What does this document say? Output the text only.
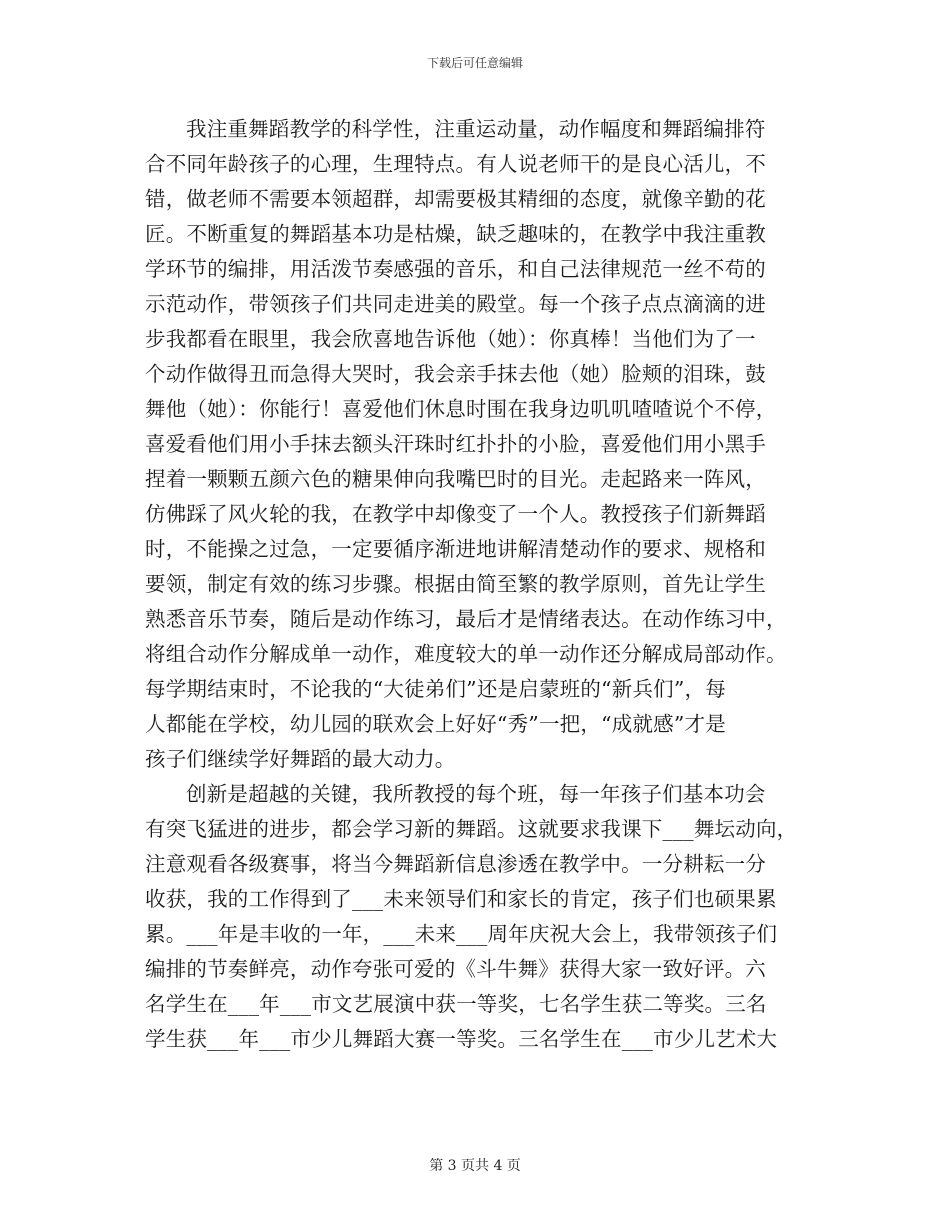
下载后可任意编辑
我注重舞蹈教学的科学性，注重运动量，动作幅度和舞蹈编排符
合不同年龄孩子的心理，生理特点。有人说老师干的是良心活儿，不
错，做老师不需要本领超群，却需要极其精细的态度，就像辛勤的花
匠。不断重复的舞蹈基本功是枯燥，缺乏趣味的，在教学中我注重教
学环节的编排，用活泼节奏感强的音乐，和自己法律规范一丝不苟的
示范动作，带领孩子们共同走进美的殿堂。每一个孩子点点滴滴的进
步我都看在眼里，我会欣喜地告诉他（她）：你真棒！当他们为了一
个动作做得丑而急得大哭时，我会亲手抹去他（她）脸颊的泪珠，鼓
舞他（她）：你能行！喜爱他们休息时围在我身边叽叽喳喳说个不停，
喜爱看他们用小手抹去额头汗珠时红扑扑的小脸，喜爱他们用小黑手
捏着一颗颗五颜六色的糖果伸向我嘴巴时的目光。走起路来一阵风，
仿佛踩了风火轮的我，在教学中却像变了一个人。教授孩子们新舞蹈
时，不能操之过急，一定要循序渐进地讲解清楚动作的要求、规格和
要领，制定有效的练习步骤。根据由简至繁的教学原则，首先让学生
熟悉音乐节奏，随后是动作练习，最后才是情绪表达。在动作练习中，
将组合动作分解成单一动作，难度较大的单一动作还分解成局部动作。
每学期结束时，不论我的“大徒弟们”还是启蒙班的“新兵们”，每
人都能在学校，幼儿园的联欢会上好好“秀”一把，“成就感”才是
孩子们继续学好舞蹈的最大动力。
创新是超越的关键，我所教授的每个班，每一年孩子们基本功会
有突飞猛进的进步，都会学习新的舞蹈。这就要求我课下___舞坛动向，
注意观看各级赛事，将当今舞蹈新信息渗透在教学中。一分耕耘一分
收获，我的工作得到了___未来领导们和家长的肯定，孩子们也硕果累
累。___年是丰收的一年，___未来___周年庆祝大会上，我带领孩子们
编排的节奏鲜亮，动作夸张可爱的《斗牛舞》获得大家一致好评。六
名学生在___年___市文艺展演中获一等奖，七名学生获二等奖。三名
学生获___年___市少儿舞蹈大赛一等奖。三名学生在___市少儿艺术大
第 3 页共 4 页
